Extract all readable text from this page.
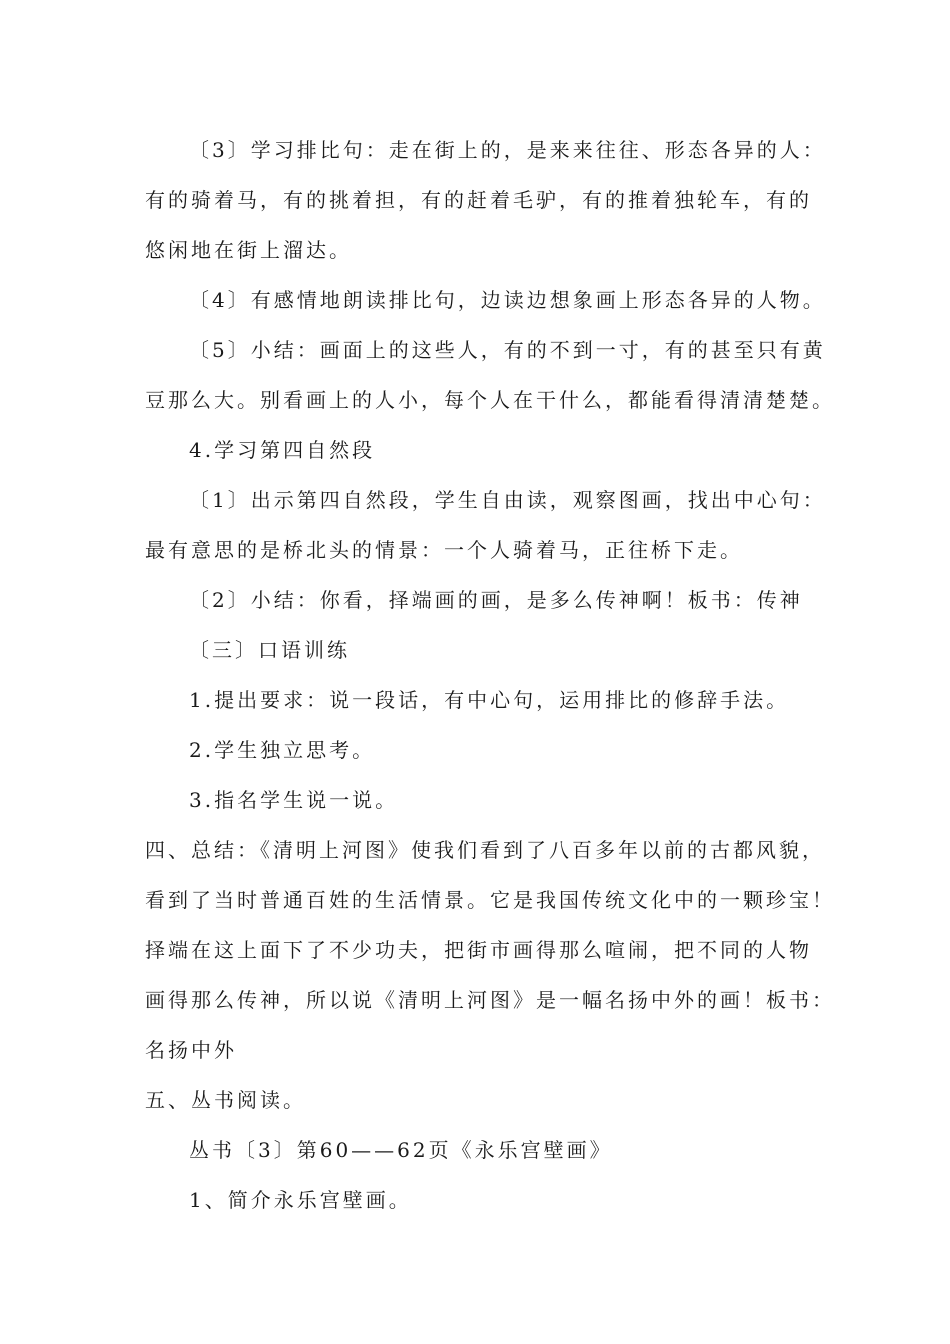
〔3〕学习排比句：走在街上的，是来来往往、形态各异的人：
有的骑着马，有的挑着担，有的赶着毛驴，有的推着独轮车，有的
悠闲地在街上溜达。

〔4〕有感情地朗读排比句，边读边想象画上形态各异的人物。

〔5〕小结：画面上的这些人，有的不到一寸，有的甚至只有黄
豆那么大。别看画上的人小，每个人在干什么，都能看得清清楚楚。

4.学习第四自然段

〔1〕出示第四自然段，学生自由读，观察图画，找出中心句：
最有意思的是桥北头的情景：一个人骑着马，正往桥下走。

〔2〕小结：你看，择端画的画，是多么传神啊！板书：传神

〔三〕口语训练

1.提出要求：说一段话，有中心句，运用排比的修辞手法。

2.学生独立思考。

3.指名学生说一说。

四、总结：《清明上河图》使我们看到了八百多年以前的古都风貌，
看到了当时普通百姓的生活情景。它是我国传统文化中的一颗珍宝！
择端在这上面下了不少功夫，把街市画得那么喧闹，把不同的人物
画得那么传神，所以说《清明上河图》是一幅名扬中外的画！板书：
名扬中外

五、丛书阅读。

丛书〔3〕第60——62页《永乐宫壁画》

1、简介永乐宫壁画。
